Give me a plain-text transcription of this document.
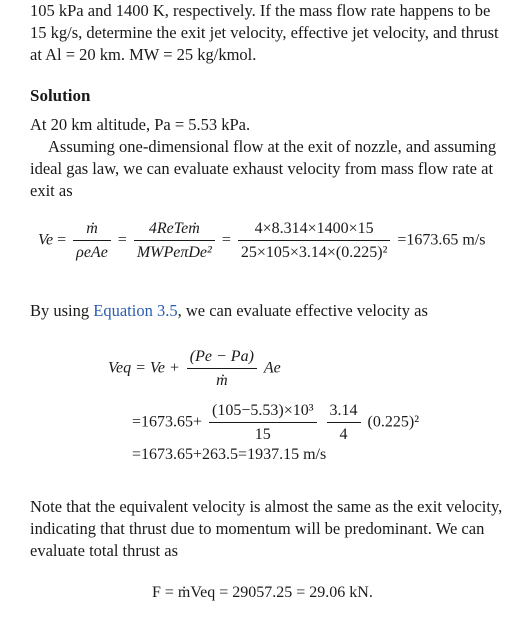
105 kPa and 1400 K, respectively. If the mass flow rate happens to be 15 kg/s, determine the exit jet velocity, effective jet velocity, and thrust at Al = 20 km. MW = 25 kg/kmol.

Solution

At 20 km altitude, Pa = 5.53 kPa.

Assuming one-dimensional flow at the exit of nozzle, and assuming ideal gas law, we can evaluate exhaust velocity from mass flow rate at exit as

$Ve = \frac{\text{ṁ}}{\text{ρeAe}} = \frac{\text{4ReTeṁ}}{\text{MWPeπDe²}} = \frac{4\times 8.314\times 1400\times 15}{\text{25×105×3.14×(0.225)²}} =1673.65$ m/s

By using Equation 3.5, we can evaluate effective velocity as

Veq = $Ve + \frac{(Pe - Pa)}{\text{ṁ}}$ Ae
$=1673.65+ \frac{\text{(105−5.53)×10³}}{15}$
$\frac{3.14}{4} (0.225)^2$
=1673.65+263.5=1937.15 m/s

Note that the equivalent velocity is almost the same as the exit velocity, indicating that thrust due to momentum will be predominant. We can evaluate total thrust as

F = ṁVeq = 29057.25 = 29.06 kN.
